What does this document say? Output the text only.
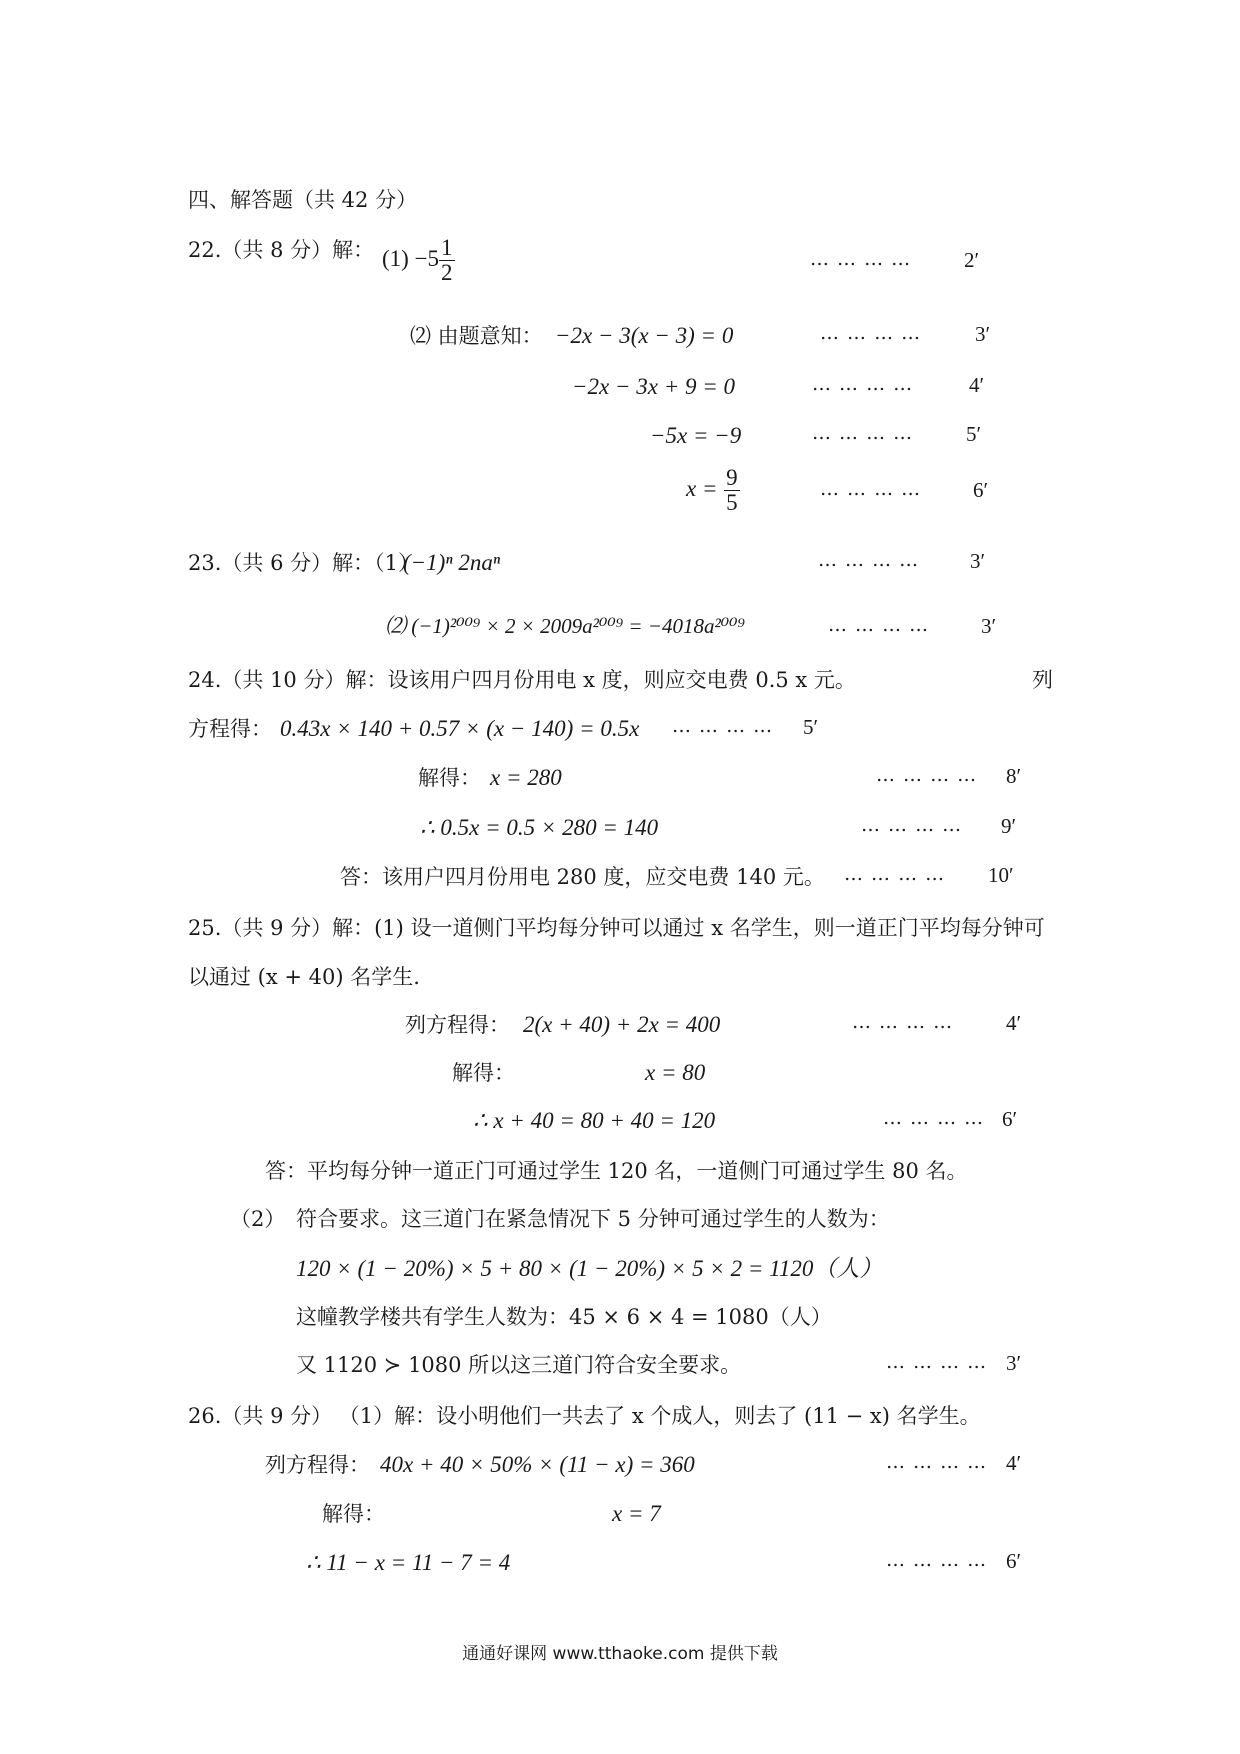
四、解答题（共 42 分）
22.（共 8 分）解： $(1) -5 \frac{1}{2}$	… … … …	2′
⑵ 由题意知： −2x − 3(x − 3) = 0	… … … …	3′
−2x − 3x + 9 = 0	… … … …	4′
−5x = −9	… … … …	5′
$x = \frac{9}{5}$	… … … … 6′
23.（共 6 分）解：（1）
(−1)ⁿ 2naⁿ	… … … … 3′
⑵ (−1)²⁰⁰⁹ × 2 × 2009a²⁰⁰⁹ = −4018a²⁰⁰⁹	… … … … 3′
24.（共 10 分）解：设该用户四月份用电 x 度，则应交电费 0.5 x 元。	列
方程得： 0.43x × 140 + 0.57 × (x − 140) = 0.5x … … … … 5′
解得： x = 280	… … … … 8′
∴ 0.5x = 0.5 × 280 = 140	… … … … 9′
答：该用户四月份用电 280 度，应交电费 140 元。 … … … … 10′
25.（共 9 分）解：(1) 设一道侧门平均每分钟可以通过 x 名学生，则一道正门平均每分钟可
以通过 (x + 40) 名学生.
列方程得： 2(x + 40) + 2x = 400	… … … …	4′
解得：	x = 80
∴ x + 40 = 80 + 40 = 120	… … … … 6′
答：平均每分钟一道正门可通过学生 120 名，一道侧门可通过学生 80 名。
（2） 符合要求。这三道门在紧急情况下 5 分钟可通过学生的人数为：
120 × (1 − 20%) × 5 + 80 × (1 − 20%) × 5 × 2 = 1120（人）
这幢教学楼共有学生人数为：45 × 6 × 4 = 1080（人）
又 1120 ≻ 1080 所以这三道门符合安全要求。	… … … … 3′
26.（共 9 分） （1）解：设小明他们一共去了 x 个成人，则去了 (11 − x) 名学生。
列方程得： 40x + 40 × 50% × (11 − x) = 360	… … … … 4′
解得：	x = 7
∴ 11 − x = 11 − 7 = 4	… … … … 6′
通通好课网 www.tthaoke.com 提供下载
